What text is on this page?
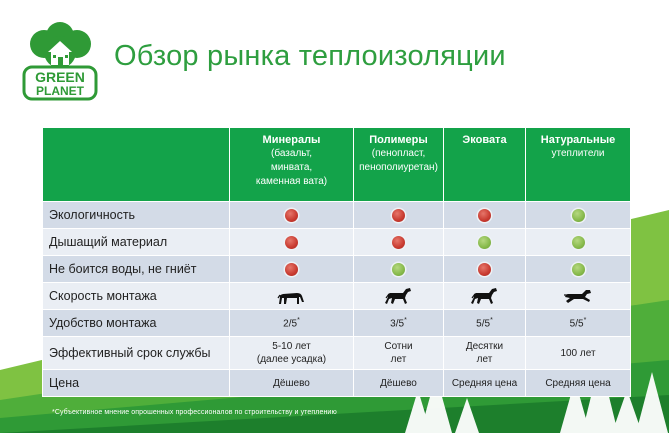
GREEN
PLANET
Обзор рынка теплоизоляции

	Минералы
(базальт,
минвата,
каменная вата)	Полимеры
(пенопласт,
пенополиуретан)	Эковата	Натуральные
утеплители

Экологичность				
Дышащий материал				
Не боится воды, не гниёт				
Скорость монтажа				
Удобство монтажа	2/5*	3/5*	5/5*	5/5*
Эффективный срок службы	5-10 лет
(далее усадка)	Сотни
лет	Десятки
лет	100 лет

Цена	Дёшево	Дёшево	Средняя цена	Средняя цена
*Субъективное мнение опрошенных профессионалов по строительству и утеплению
